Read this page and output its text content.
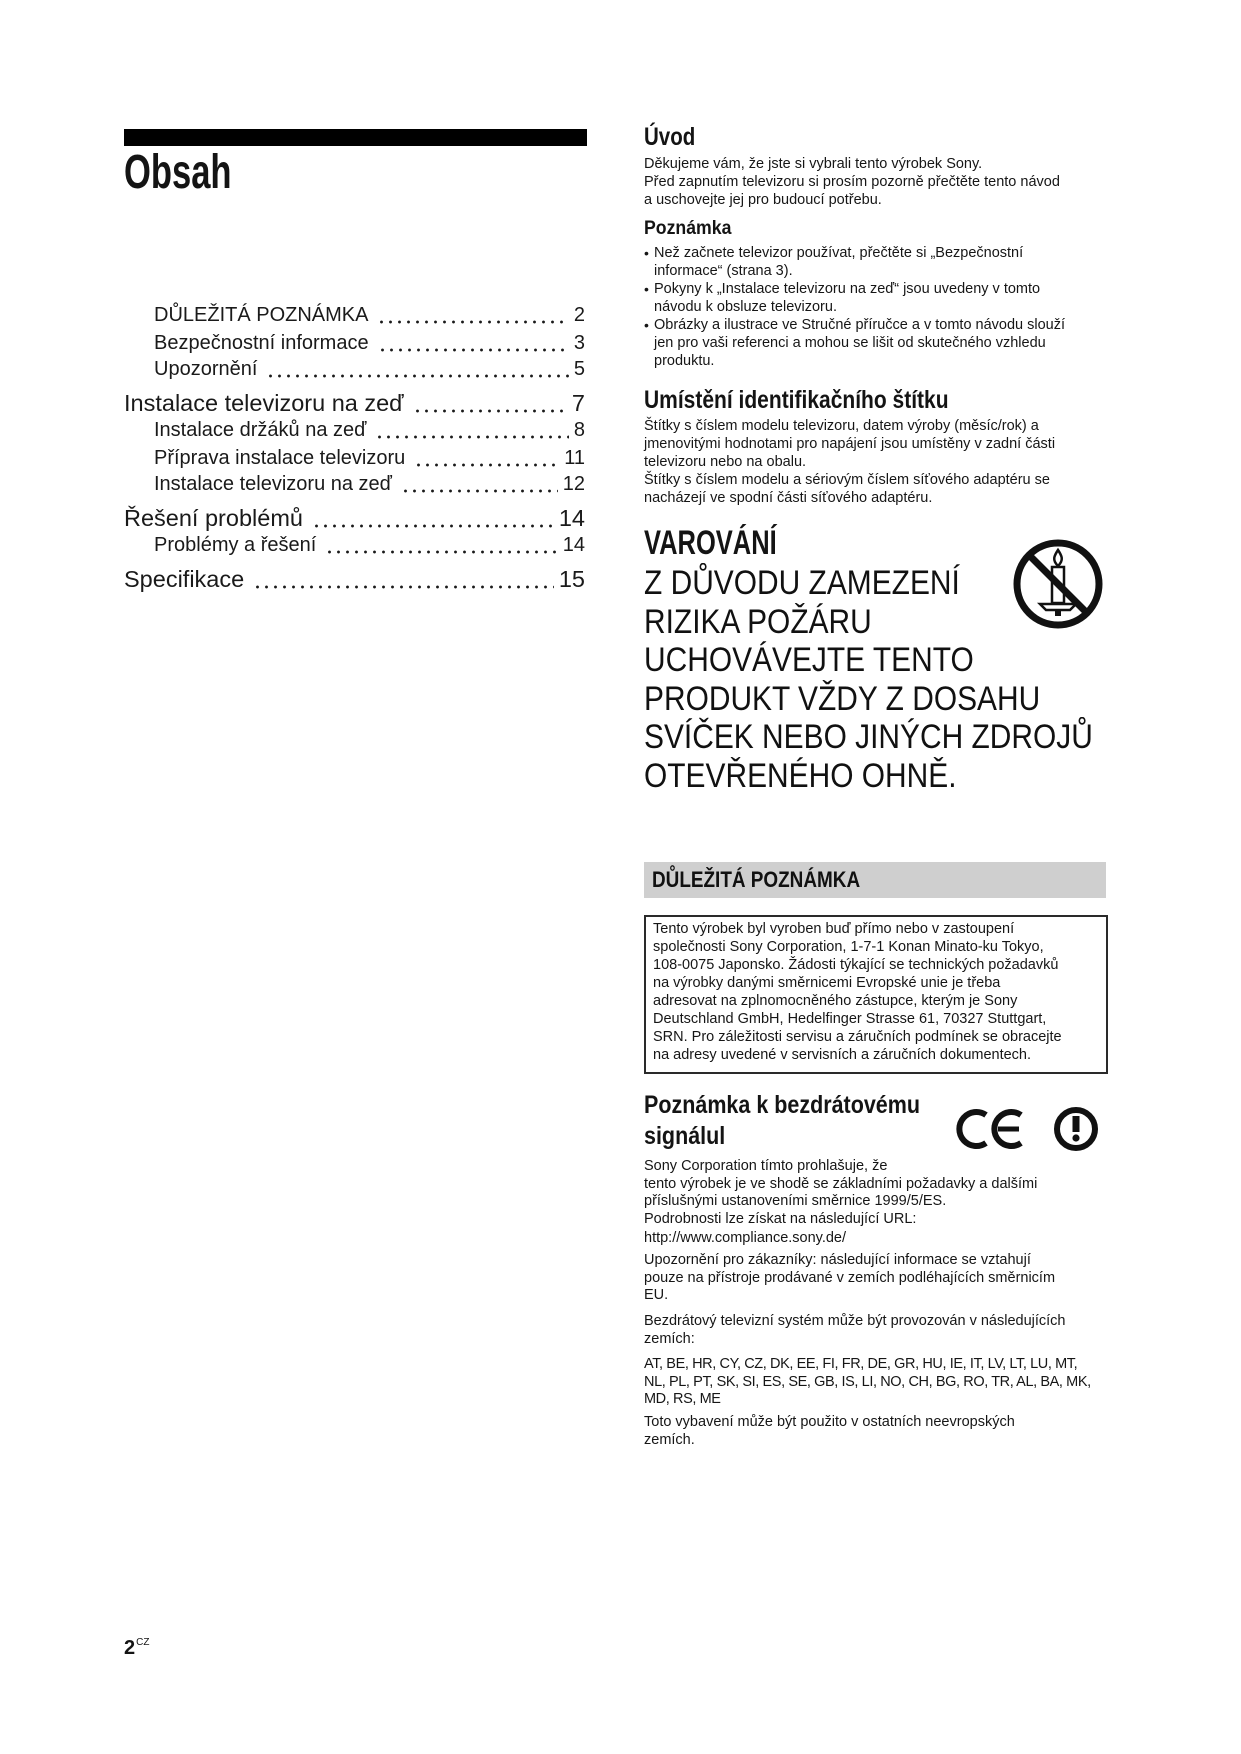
Obsah
DŮLEŽITÁ POZNÁMKA	2
Bezpečnostní informace	3
Upozornění	5
Instalace televizoru na zeď	7
Instalace držáků na zeď	8
Příprava instalace televizoru	11
Instalace televizoru na zeď	12
Řešení problémů	14
Problémy a řešení	14
Specifikace	15
Úvod
Děkujeme vám, že jste si vybrali tento výrobek Sony.
Před zapnutím televizoru si prosím pozorně přečtěte tento návod
a uschovejte jej pro budoucí potřebu.
Poznámka
• Než začnete televizor používat, přečtěte si „Bezpečnostní
informace“ (strana 3).
• Pokyny k „Instalace televizoru na zeď“ jsou uvedeny v tomto
návodu k obsluze televizoru.
• Obrázky a ilustrace ve Stručné příručce a v tomto návodu slouží
jen pro vaši referenci a mohou se lišit od skutečného vzhledu
produktu.
Umístění identifikačního štítku
Štítky s číslem modelu televizoru, datem výroby (měsíc/rok) a
jmenovitými hodnotami pro napájení jsou umístěny v zadní části
televizoru nebo na obalu.
Štítky s číslem modelu a sériovým číslem síťového adaptéru se
nacházejí ve spodní části síťového adaptéru.
VAROVÁNÍ
Z DŮVODU ZAMEZENÍ
RIZIKA POŽÁRU
UCHOVÁVEJTE TENTO
PRODUKT VŽDY Z DOSAHU
SVÍČEK NEBO JINÝCH ZDROJŮ
OTEVŘENÉHO OHNĚ.
DŮLEŽITÁ POZNÁMKA
Tento výrobek byl vyroben buď přímo nebo v zastoupení
společnosti Sony Corporation, 1-7-1 Konan Minato-ku Tokyo,
108-0075 Japonsko. Žádosti týkající se technických požadavků
na výrobky danými směrnicemi Evropské unie je třeba
adresovat na zplnomocněného zástupce, kterým je Sony
Deutschland GmbH, Hedelfinger Strasse 61, 70327 Stuttgart,
SRN. Pro záležitosti servisu a záručních podmínek se obracejte
na adresy uvedené v servisních a záručních dokumentech.
Poznámka k bezdrátovému
signálul
Sony Corporation tímto prohlašuje, že
tento výrobek je ve shodě se základními požadavky a dalšími
příslušnými ustanoveními směrnice 1999/5/ES.
Podrobnosti lze získat na následující URL:
http://www.compliance.sony.de/
Upozornění pro zákazníky: následující informace se vztahují
pouze na přístroje prodávané v zemích podléhajících směrnicím
EU.
Bezdrátový televizní systém může být provozován v následujících
zemích:
AT, BE, HR, CY, CZ, DK, EE, FI, FR, DE, GR, HU, IE, IT, LV, LT, LU, MT,
NL, PL, PT, SK, SI, ES, SE, GB, IS, LI, NO, CH, BG, RO, TR, AL, BA, MK,
MD, RS, ME
Toto vybavení může být použito v ostatních neevropských
zemích.
$2^{CZ}$
